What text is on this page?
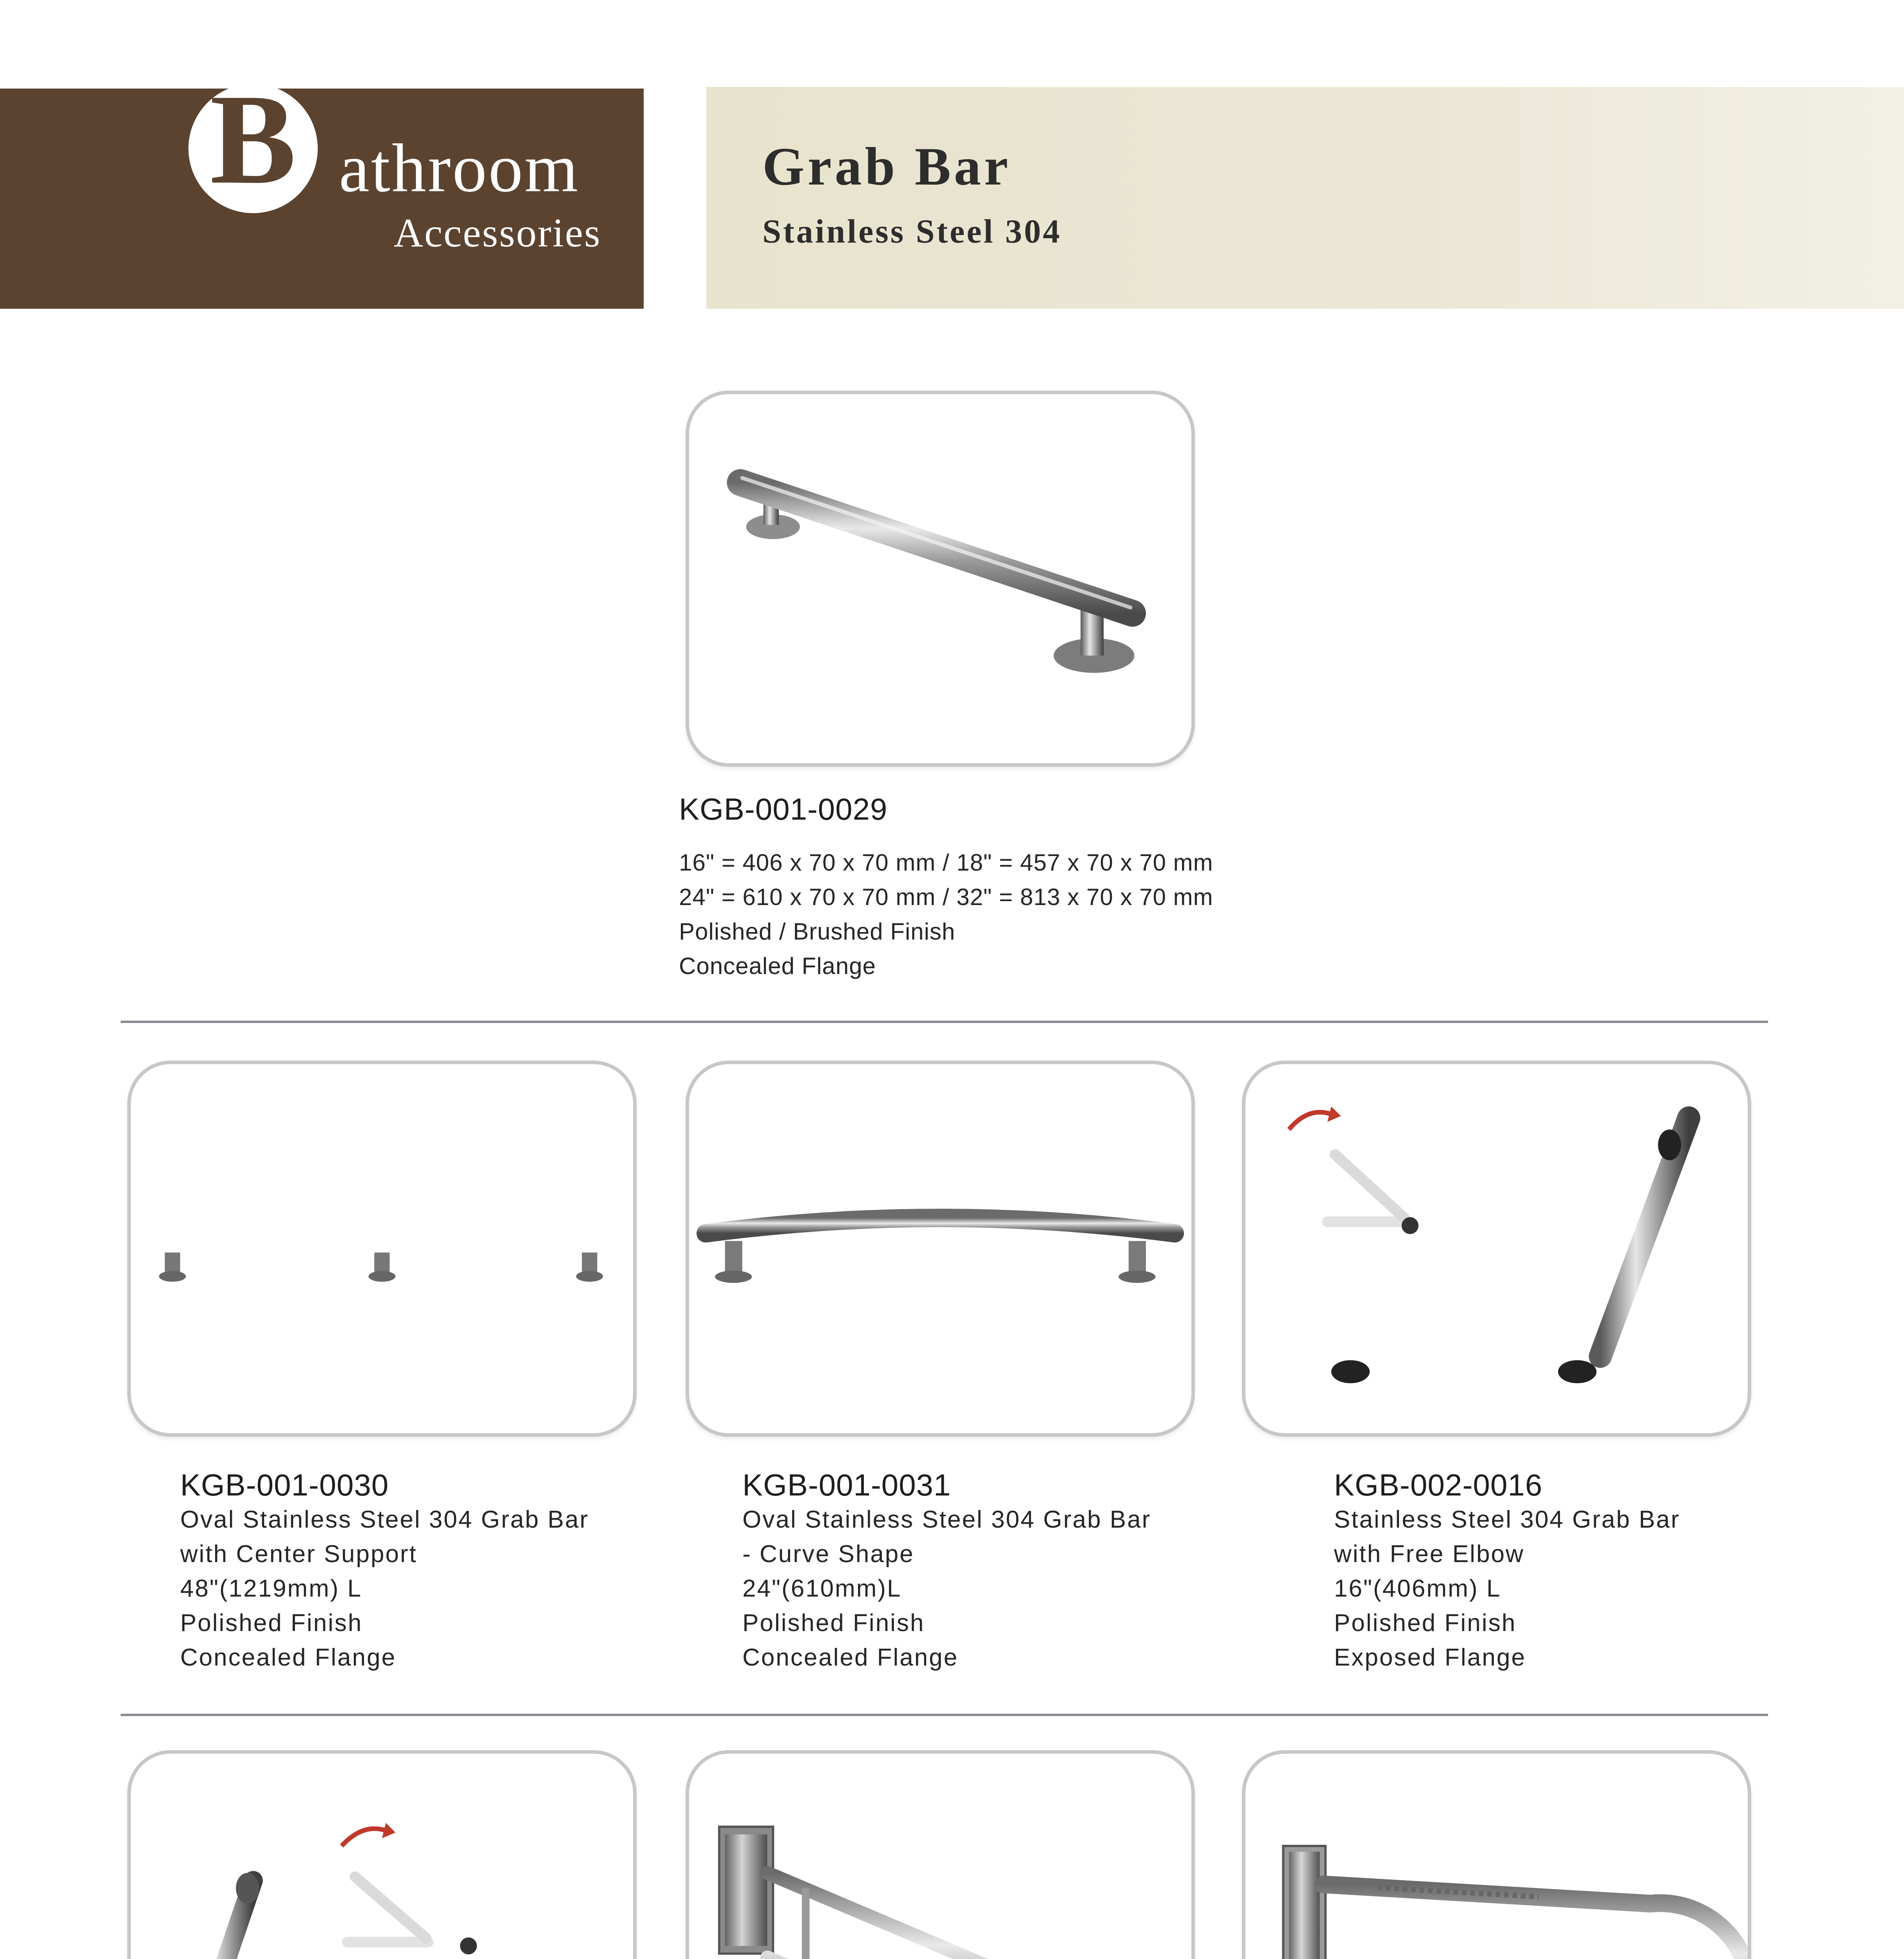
B athroom
Accessories
Grab Bar
Stainless Steel 304
KGB-001-0029
16" = 406 x 70 x 70 mm / 18" = 457 x 70 x 70 mm
24" = 610 x 70 x 70 mm / 32" = 813 x 70 x 70 mm
Polished / Brushed Finish
Concealed Flange
KGB-001-0030
Oval Stainless Steel 304 Grab Bar
with Center Support
48"(1219mm) L
Polished Finish
Concealed Flange
KGB-001-0031
Oval Stainless Steel 304 Grab Bar
- Curve Shape
24"(610mm)L
Polished Finish
Concealed Flange
KGB-002-0016
Stainless Steel 304 Grab Bar
with Free Elbow
16"(406mm) L
Polished Finish
Exposed Flange
